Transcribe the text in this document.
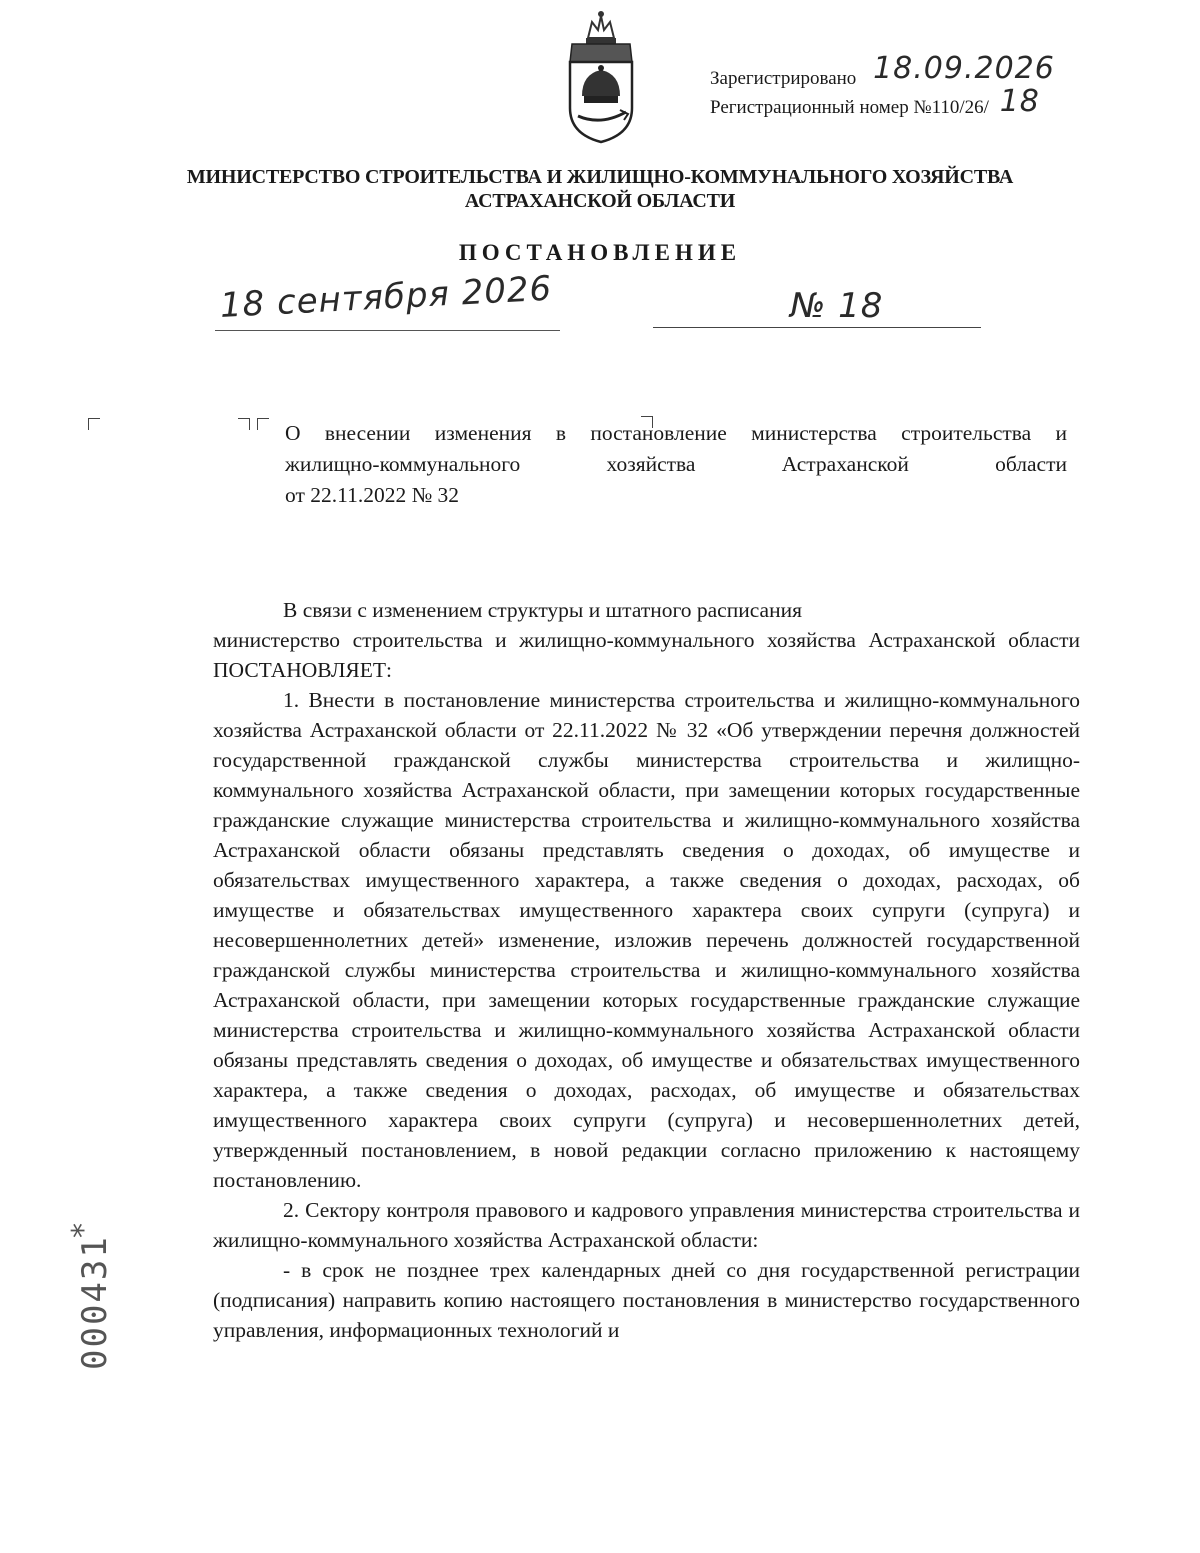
Зарегистрировано 18.09.2026
Регистрационный номер №110/26/ 18
МИНИСТЕРСТВО СТРОИТЕЛЬСТВА И ЖИЛИЩНО-КОММУНАЛЬНОГО ХОЗЯЙСТВА
АСТРАХАНСКОЙ ОБЛАСТИ
ПОСТАНОВЛЕНИЕ
18 сентября 2026	№ 18
О внесении изменения в постановление министерства строительства и
жилищно-коммунального хозяйства Астраханской области
от 22.11.2022 № 32

В связи с изменением структуры и штатного расписания

министерство строительства и жилищно-коммунального хозяйства Астраханской области ПОСТАНОВЛЯЕТ:

1. Внести в постановление министерства строительства и жилищно-коммунального хозяйства Астраханской области от 22.11.2022 № 32 «Об утверждении перечня должностей государственной гражданской службы министерства строительства и жилищно-коммунального хозяйства Астраханской области, при замещении которых государственные гражданские служащие министерства строительства и жилищно-коммунального хозяйства Астраханской области обязаны представлять сведения о доходах, об имуществе и обязательствах имущественного характера, а также сведения о доходах, расходах, об имуществе и обязательствах имущественного характера своих супруги (супруга) и несовершеннолетних детей» изменение, изложив перечень должностей государственной гражданской службы министерства строительства и жилищно-коммунального хозяйства Астраханской области, при замещении которых государственные гражданские служащие министерства строительства и жилищно-коммунального хозяйства Астраханской области обязаны представлять сведения о доходах, об имуществе и обязательствах имущественного характера, а также сведения о доходах, расходах, об имуществе и обязательствах имущественного характера своих супруги (супруга) и несовершеннолетних детей, утвержденный постановлением, в новой редакции согласно приложению к настоящему постановлению.

2. Сектору контроля правового и кадрового управления министерства строительства и жилищно-коммунального хозяйства Астраханской области:

- в срок не позднее трех календарных дней со дня государственной регистрации (подписания) направить копию настоящего постановления в министерство государственного управления, информационных технологий и

*
000431
